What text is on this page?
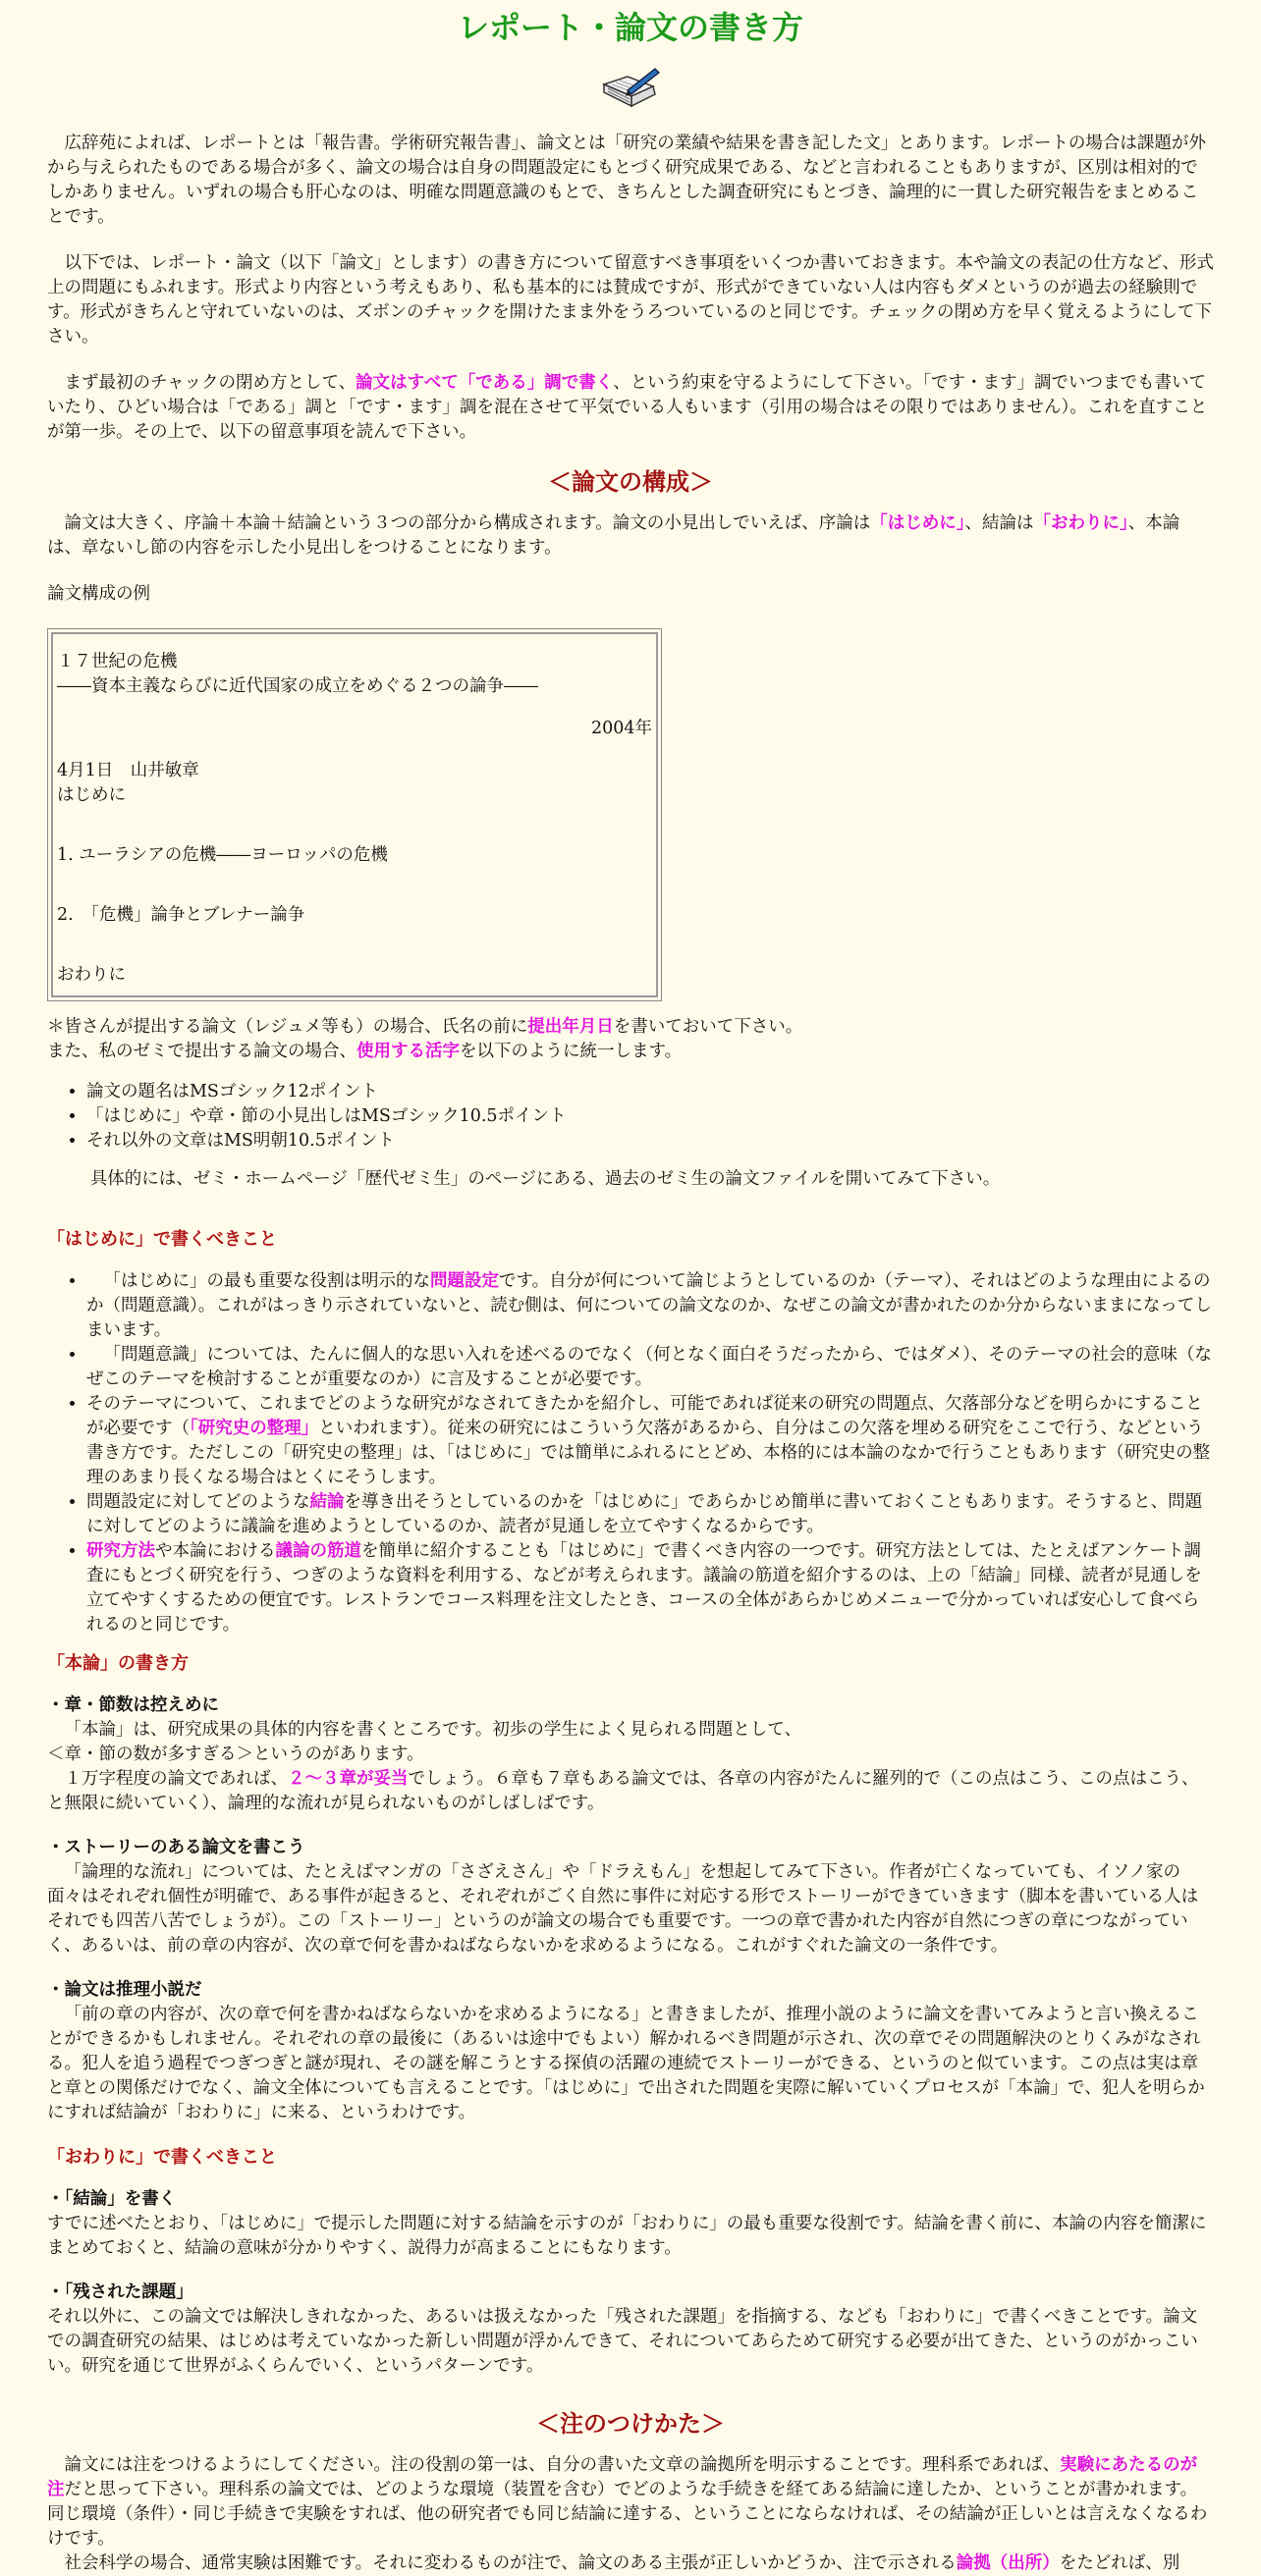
レポート・論文の書き方

広辞苑によれば、レポートとは「報告書。学術研究報告書」、論文とは「研究の業績や結果を書き記した文」とあります。レポートの場合は課題が外から与えられたものである場合が多く、論文の場合は自身の問題設定にもとづく研究成果である、などと言われることもありますが、区別は相対的でしかありません。いずれの場合も肝心なのは、明確な問題意識のもとで、きちんとした調査研究にもとづき、論理的に一貫した研究報告をまとめることです。

以下では、レポート・論文（以下「論文」とします）の書き方について留意すべき事項をいくつか書いておきます。本や論文の表記の仕方など、形式上の問題にもふれます。形式より内容という考えもあり、私も基本的には賛成ですが、形式ができていない人は内容もダメというのが過去の経験則です。形式がきちんと守れていないのは、ズボンのチャックを開けたまま外をうろついているのと同じです。チェックの閉め方を早く覚えるようにして下さい。

まず最初のチャックの閉め方として、論文はすべて「である」調で書く、という約束を守るようにして下さい。「です・ます」調でいつまでも書いていたり、ひどい場合は「である」調と「です・ます」調を混在させて平気でいる人もいます（引用の場合はその限りではありません）。これを直すことが第一歩。その上で、以下の留意事項を読んで下さい。

＜論文の構成＞

論文は大きく、序論＋本論＋結論という３つの部分から構成されます。論文の小見出しでいえば、序論は「はじめに」、結論は「おわりに」、本論は、章ないし節の内容を示した小見出しをつけることになります。

論文構成の例

１７世紀の危機
――資本主義ならびに近代国家の成立をめぐる２つの論争――
2004年
4月1日　山井敏章
はじめに
1. ユーラシアの危機――ヨーロッパの危機
2.　「危機」論争とブレナー論争
おわりに
＊皆さんが提出する論文（レジュメ等も）の場合、氏名の前に提出年月日を書いておいて下さい。
また、私のゼミで提出する論文の場合、使用する活字を以下のように統一します。
• 論文の題名はMSゴシック12ポイント
• 「はじめに」や章・節の小見出しはMSゴシック10.5ポイント
• それ以外の文章はMS明朝10.5ポイント

具体的には、ゼミ・ホームページ「歴代ゼミ生」のページにある、過去のゼミ生の論文ファイルを開いてみて下さい。

「はじめに」で書くべきこと
• 「はじめに」の最も重要な役割は明示的な問題設定です。自分が何について論じようとしているのか（テーマ）、それはどのような理由によるのか（問題意識）。これがはっきり示されていないと、読む側は、何についての論文なのか、なぜこの論文が書かれたのか分からないままになってしまいます。
• 「問題意識」については、たんに個人的な思い入れを述べるのでなく（何となく面白そうだったから、ではダメ）、そのテーマの社会的意味（なぜこのテーマを検討することが重要なのか）に言及することが必要です。
• そのテーマについて、これまでどのような研究がなされてきたかを紹介し、可能であれば従来の研究の問題点、欠落部分などを明らかにすることが必要です（「研究史の整理」といわれます）。従来の研究にはこういう欠落があるから、自分はこの欠落を埋める研究をここで行う、などという書き方です。ただしこの「研究史の整理」は、「はじめに」では簡単にふれるにとどめ、本格的には本論のなかで行うこともあります（研究史の整理のあまり長くなる場合はとくにそうします。
• 問題設定に対してどのような結論を導き出そうとしているのかを「はじめに」であらかじめ簡単に書いておくこともあります。そうすると、問題に対してどのように議論を進めようとしているのか、読者が見通しを立てやすくなるからです。
• 研究方法や本論における議論の筋道を簡単に紹介することも「はじめに」で書くべき内容の一つです。研究方法としては、たとえばアンケート調査にもとづく研究を行う、つぎのような資料を利用する、などが考えられます。議論の筋道を紹介するのは、上の「結論」同様、読者が見通しを立てやすくするための便宜です。レストランでコース料理を注文したとき、コースの全体があらかじめメニューで分かっていれば安心して食べられるのと同じです。
「本論」の書き方
・章・節数は控えめに
「本論」は、研究成果の具体的内容を書くところです。初歩の学生によく見られる問題として、
＜章・節の数が多すぎる＞というのがあります。
１万字程度の論文であれば、２～３章が妥当でしょう。６章も７章もある論文では、各章の内容がたんに羅列的で（この点はこう、この点はこう、と無限に続いていく）、論理的な流れが見られないものがしばしばです。
・ストーリーのある論文を書こう
「論理的な流れ」については、たとえばマンガの「さざえさん」や「ドラえもん」を想起してみて下さい。作者が亡くなっていても、イソノ家の面々はそれぞれ個性が明確で、ある事件が起きると、それぞれがごく自然に事件に対応する形でストーリーができていきます（脚本を書いている人はそれでも四苦八苦でしょうが）。この「ストーリー」というのが論文の場合でも重要です。一つの章で書かれた内容が自然につぎの章につながっていく、あるいは、前の章の内容が、次の章で何を書かねばならないかを求めるようになる。これがすぐれた論文の一条件です。
・論文は推理小説だ
「前の章の内容が、次の章で何を書かねばならないかを求めるようになる」と書きましたが、推理小説のように論文を書いてみようと言い換えることができるかもしれません。それぞれの章の最後に（あるいは途中でもよい）解かれるべき問題が示され、次の章でその問題解決のとりくみがなされる。犯人を追う過程でつぎつぎと謎が現れ、その謎を解こうとする探偵の活躍の連続でストーリーができる、というのと似ています。この点は実は章と章との関係だけでなく、論文全体についても言えることです。「はじめに」で出された問題を実際に解いていくプロセスが「本論」で、犯人を明らかにすれば結論が「おわりに」に来る、というわけです。
「おわりに」で書くべきこと
・「結論」を書く
すでに述べたとおり、「はじめに」で提示した問題に対する結論を示すのが「おわりに」の最も重要な役割です。結論を書く前に、本論の内容を簡潔にまとめておくと、結論の意味が分かりやすく、説得力が高まることにもなります。
・「残された課題」
それ以外に、この論文では解決しきれなかった、あるいは扱えなかった「残された課題」を指摘する、なども「おわりに」で書くべきことです。論文での調査研究の結果、はじめは考えていなかった新しい問題が浮かんできて、それについてあらためて研究する必要が出てきた、というのがかっこいい。研究を通じて世界がふくらんでいく、というパターンです。
＜注のつけかた＞
論文には注をつけるようにしてください。注の役割の第一は、自分の書いた文章の論拠所を明示することです。理科系であれば、実験にあたるのが注だと思って下さい。理科系の論文では、どのような環境（装置を含む）でどのような手続きを経てある結論に達したか、ということが書かれます。同じ環境（条件）・同じ手続きで実験をすれば、他の研究者でも同じ結論に達する、ということにならなければ、その結論が正しいとは言えなくなるわけです。
社会科学の場合、通常実験は困難です。それに変わるものが注で、論文のある主張が正しいかどうか、注で示される論拠（出所）をたどれば、別
